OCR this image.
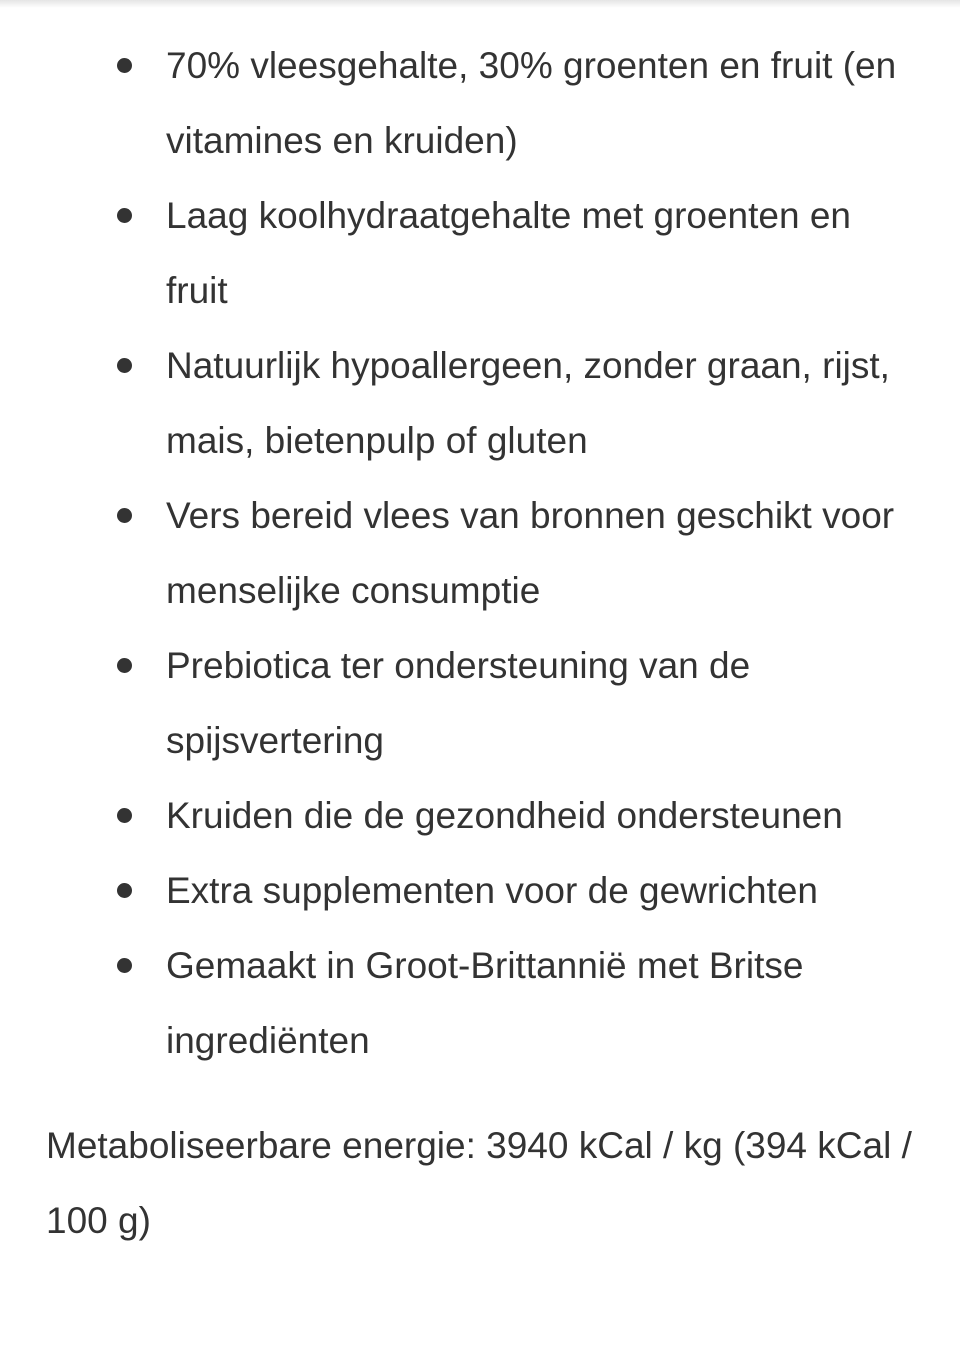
70% vleesgehalte, 30% groenten en fruit (en vitamines en kruiden)
Laag koolhydraatgehalte met groenten en fruit
Natuurlijk hypoallergeen, zonder graan, rijst, mais, bietenpulp of gluten
Vers bereid vlees van bronnen geschikt voor menselijke consumptie
Prebiotica ter ondersteuning van de spijsvertering
Kruiden die de gezondheid ondersteunen
Extra supplementen voor de gewrichten
Gemaakt in Groot-Brittannië met Britse ingrediënten

Metaboliseerbare energie: 3940 kCal / kg (394 kCal / 100 g)
